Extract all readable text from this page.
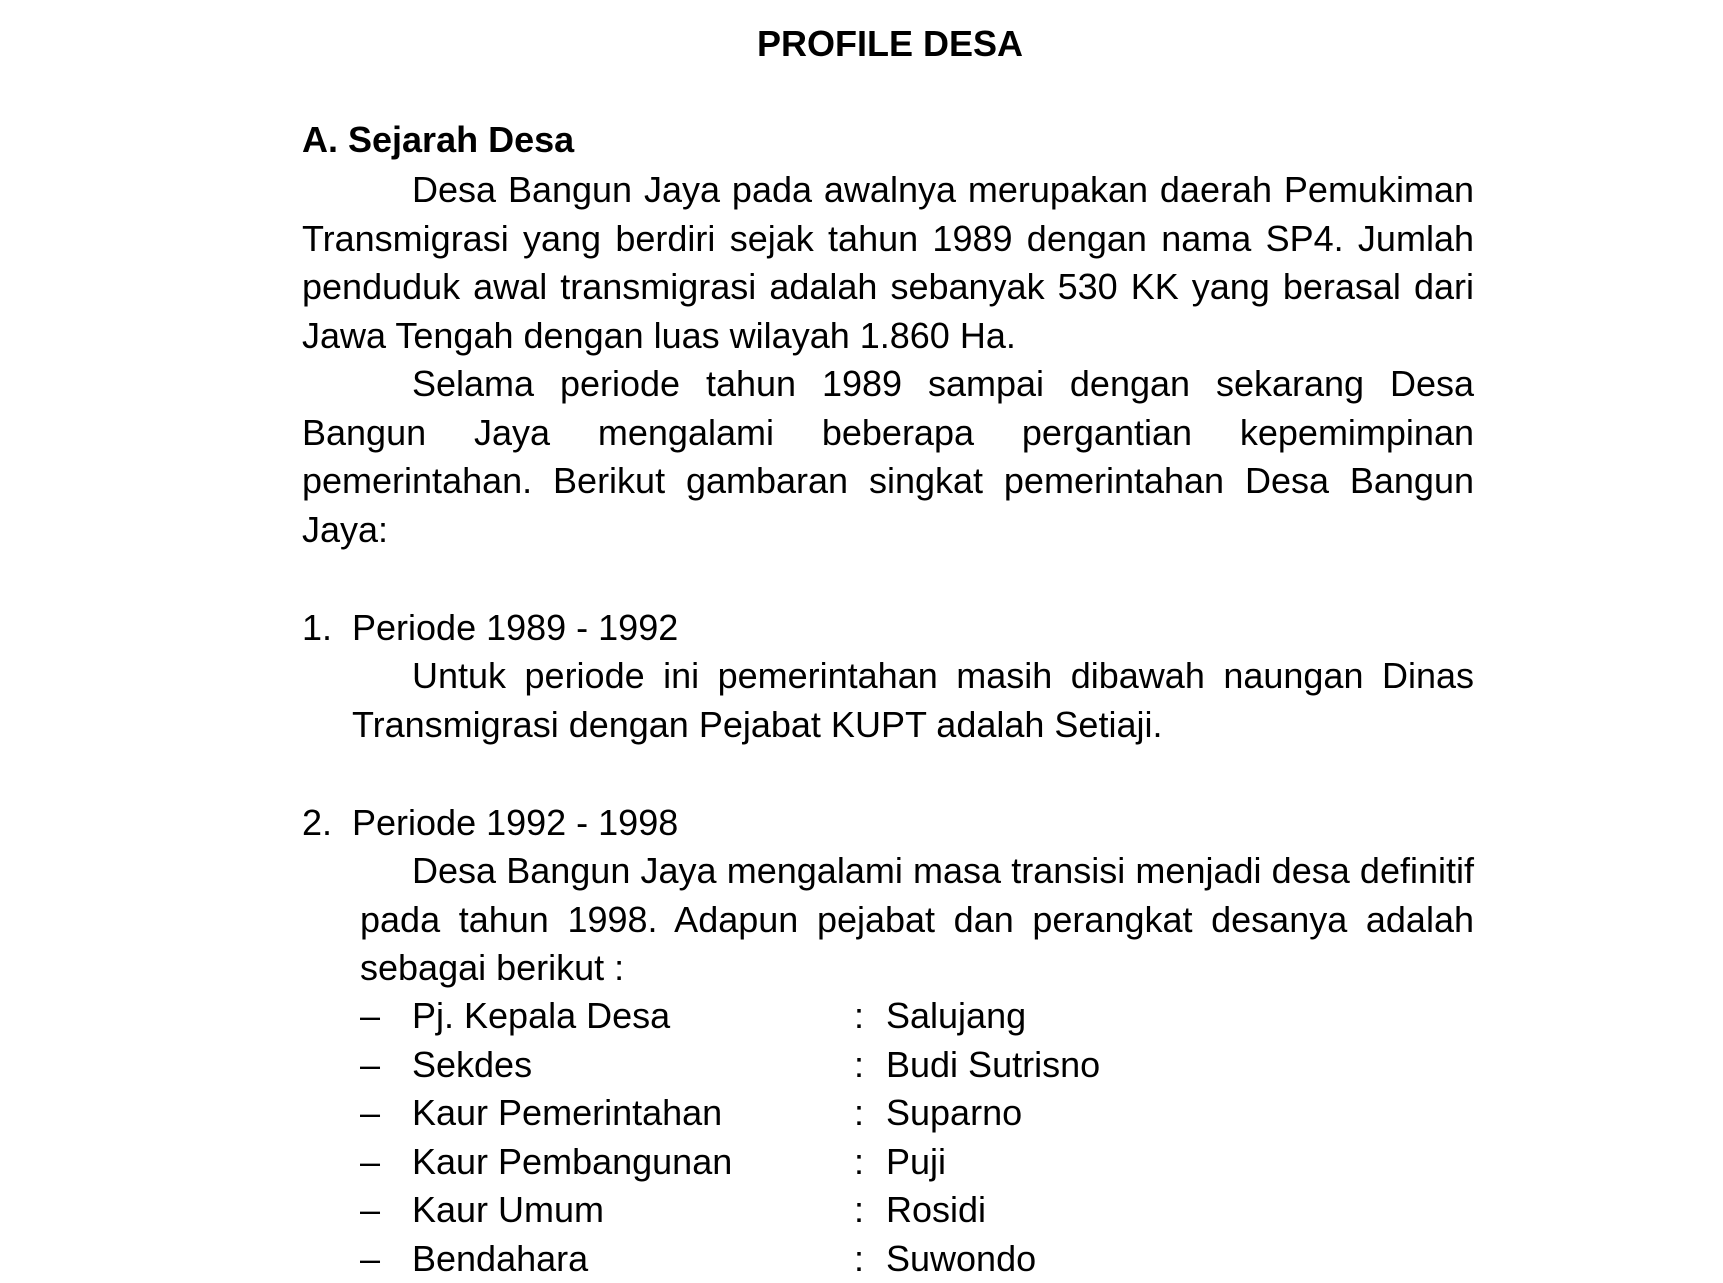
PROFILE DESA
A. Sejarah Desa

Desa Bangun Jaya pada awalnya merupakan daerah Pemukiman Transmigrasi yang berdiri sejak tahun 1989 dengan nama SP4. Jumlah penduduk awal transmigrasi adalah sebanyak 530 KK yang berasal dari Jawa Tengah dengan luas wilayah 1.860 Ha.

Selama periode tahun 1989 sampai dengan sekarang Desa Bangun Jaya mengalami beberapa pergantian kepemimpinan pemerintahan. Berikut gambaran singkat pemerintahan Desa Bangun Jaya:

1. Periode 1989 - 1992

Untuk periode ini pemerintahan masih dibawah naungan Dinas Transmigrasi dengan Pejabat KUPT adalah Setiaji.

2. Periode 1992 - 1998

Desa Bangun Jaya mengalami masa transisi menjadi desa definitif pada tahun 1998. Adapun pejabat dan perangkat desanya adalah sebagai berikut :

– Pj. Kepala Desa	: Salujang
– Sekdes	: Budi Sutrisno
– Kaur Pemerintahan	: Suparno
– Kaur Pembangunan	: Puji
– Kaur Umum	: Rosidi
– Bendahara	: Suwondo
